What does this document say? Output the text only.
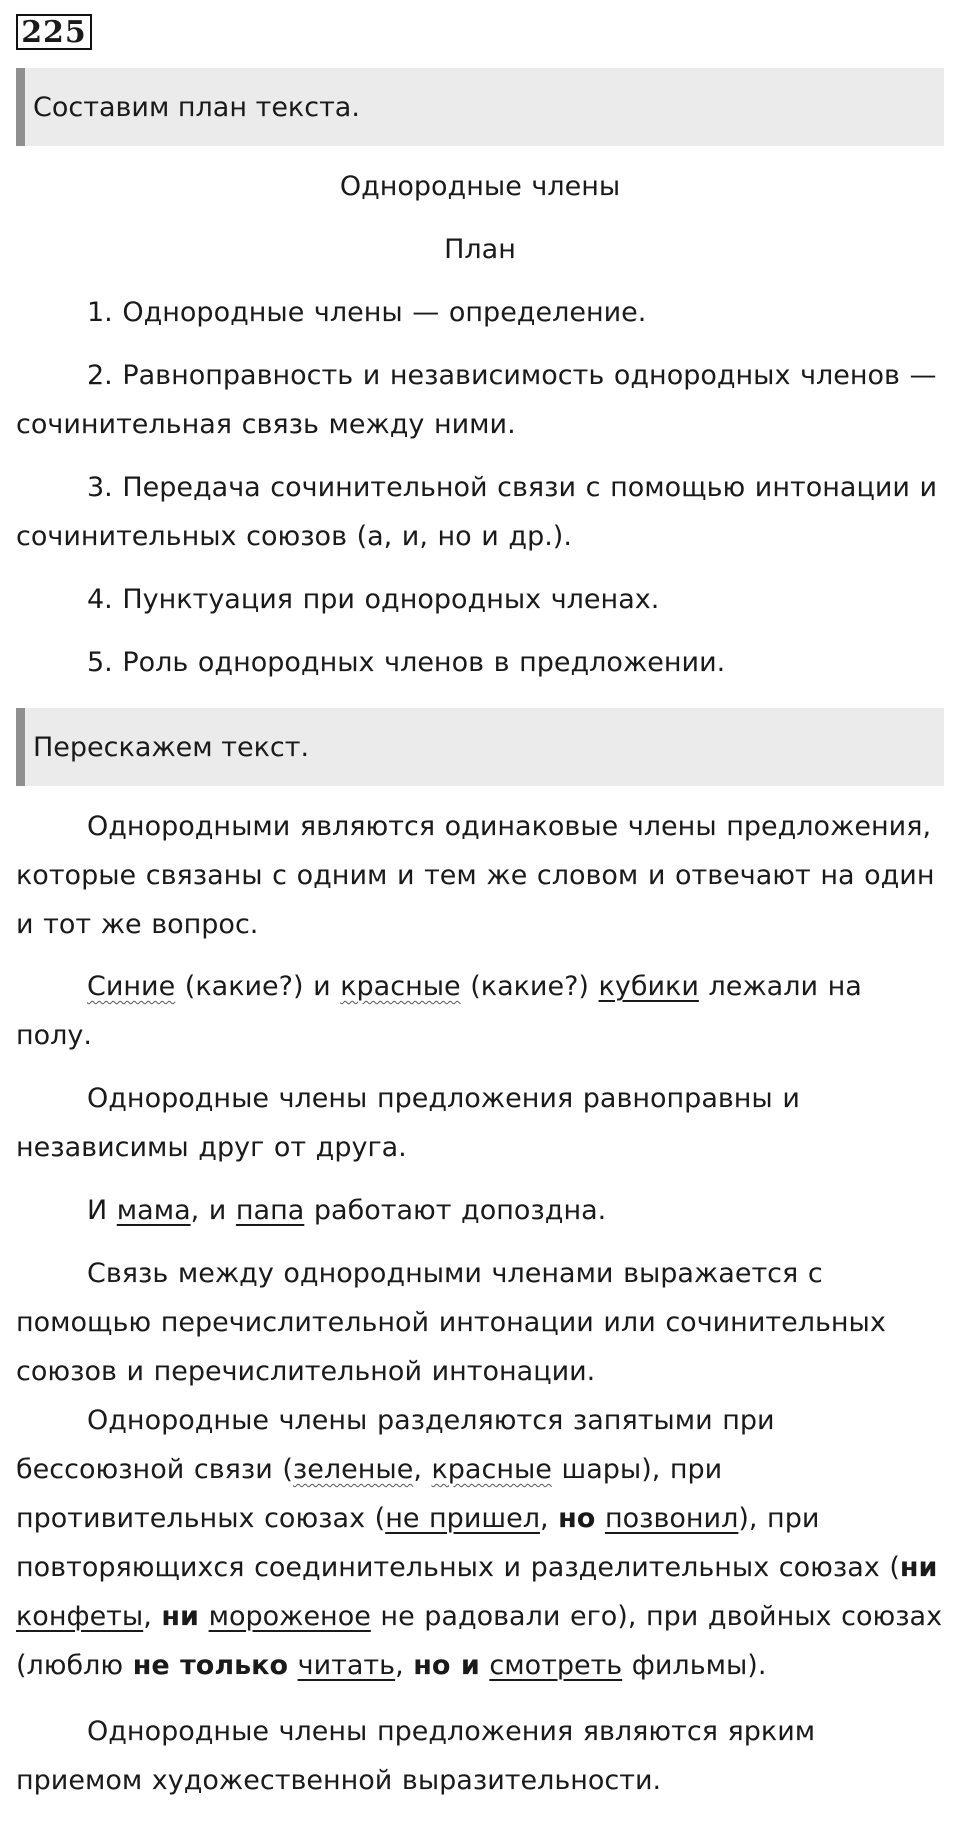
225
Составим план текста.

Однородные члены

План

1. Однородные члены — определение.

2. Равноправность и независимость однородных членов — сочинительная связь между ними.

3. Передача сочинительной связи с помощью интонации и сочинительных союзов (а, и, но и др.).

4. Пунктуация при однородных членах.

5. Роль однородных членов в предложении.

Перескажем текст.

Однородными являются одинаковые члены предложения, которые связаны с одним и тем же словом и отвечают на один и тот же вопрос.

Синие (какие?) и красные (какие?) кубики лежали на полу.

Однородные члены предложения равноправны и независимы друг от друга.

И мама, и папа работают допоздна.

Связь между однородными членами выражается с помощью перечислительной интонации или сочинительных союзов и перечислительной интонации.

Однородные члены разделяются запятыми при бессоюзной связи (зеленые, красные шары), при противительных союзах (не пришел, но позвонил), при повторяющихся соединительных и разделительных союзах (ни конфеты, ни мороженое не радовали его), при двойных союзах (люблю не только читать, но и смотреть фильмы).

Однородные члены предложения являются ярким приемом художественной выразительности.
